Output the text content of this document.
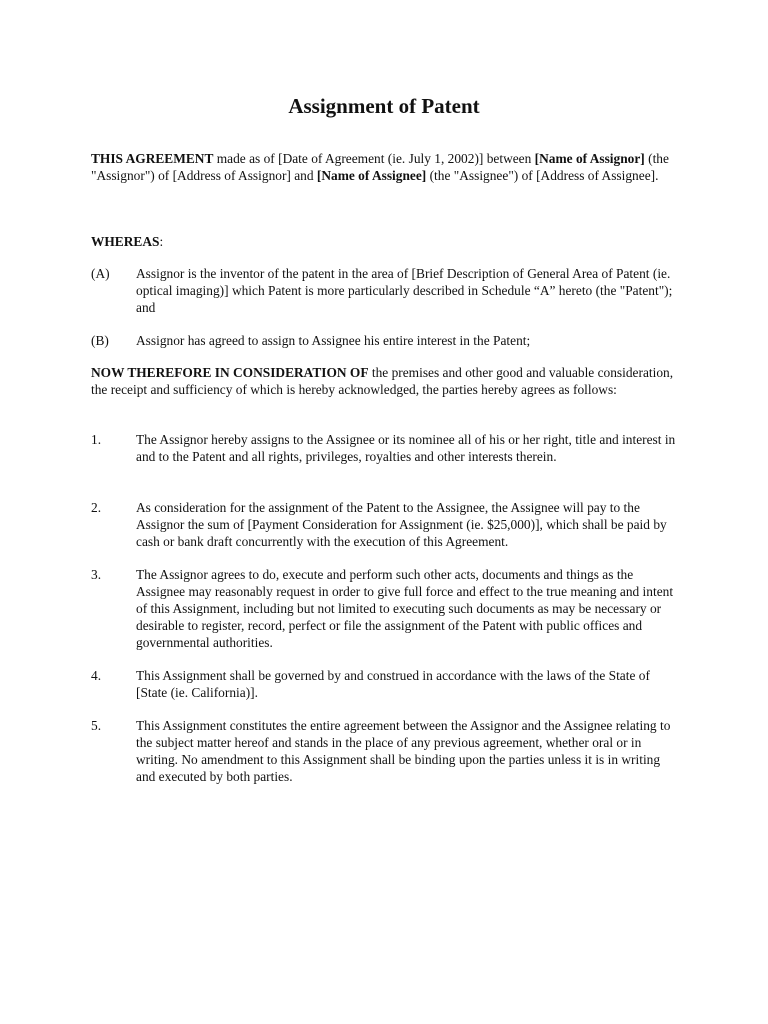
Assignment of Patent

THIS AGREEMENT made as of [Date of Agreement (ie. July 1, 2002)] between [Name of Assignor] (the "Assignor") of [Address of Assignor] and [Name of Assignee] (the "Assignee") of [Address of Assignee].

WHEREAS:

(A) Assignor is the inventor of the patent in the area of [Brief Description of General Area of Patent (ie. optical imaging)] which Patent is more particularly described in Schedule “A” hereto (the "Patent"); and
(B) Assignor has agreed to assign to Assignee his entire interest in the Patent;

NOW THEREFORE IN CONSIDERATION OF the premises and other good and valuable consideration, the receipt and sufficiency of which is hereby acknowledged, the parties hereby agrees as follows:

1.	The Assignor hereby assigns to the Assignee or its nominee all of his or her right, title and interest in and to the Patent and all rights, privileges, royalties and other interests therein.
2.	As consideration for the assignment of the Patent to the Assignee, the Assignee will pay to the Assignor the sum of [Payment Consideration for Assignment (ie. $25,000)], which shall be paid by cash or bank draft concurrently with the execution of this Agreement.
3.	The Assignor agrees to do, execute and perform such other acts, documents and things as the Assignee may reasonably request in order to give full force and effect to the true meaning and intent of this Assignment, including but not limited to executing such documents as may be necessary or desirable to register, record, perfect or file the assignment of the Patent with public offices and governmental authorities.
4.	This Assignment shall be governed by and construed in accordance with the laws of the State of [State (ie. California)].
5.	This Assignment constitutes the entire agreement between the Assignor and the Assignee relating to the subject matter hereof and stands in the place of any previous agreement, whether oral or in writing. No amendment to this Assignment shall be binding upon the parties unless it is in writing and executed by both parties.
